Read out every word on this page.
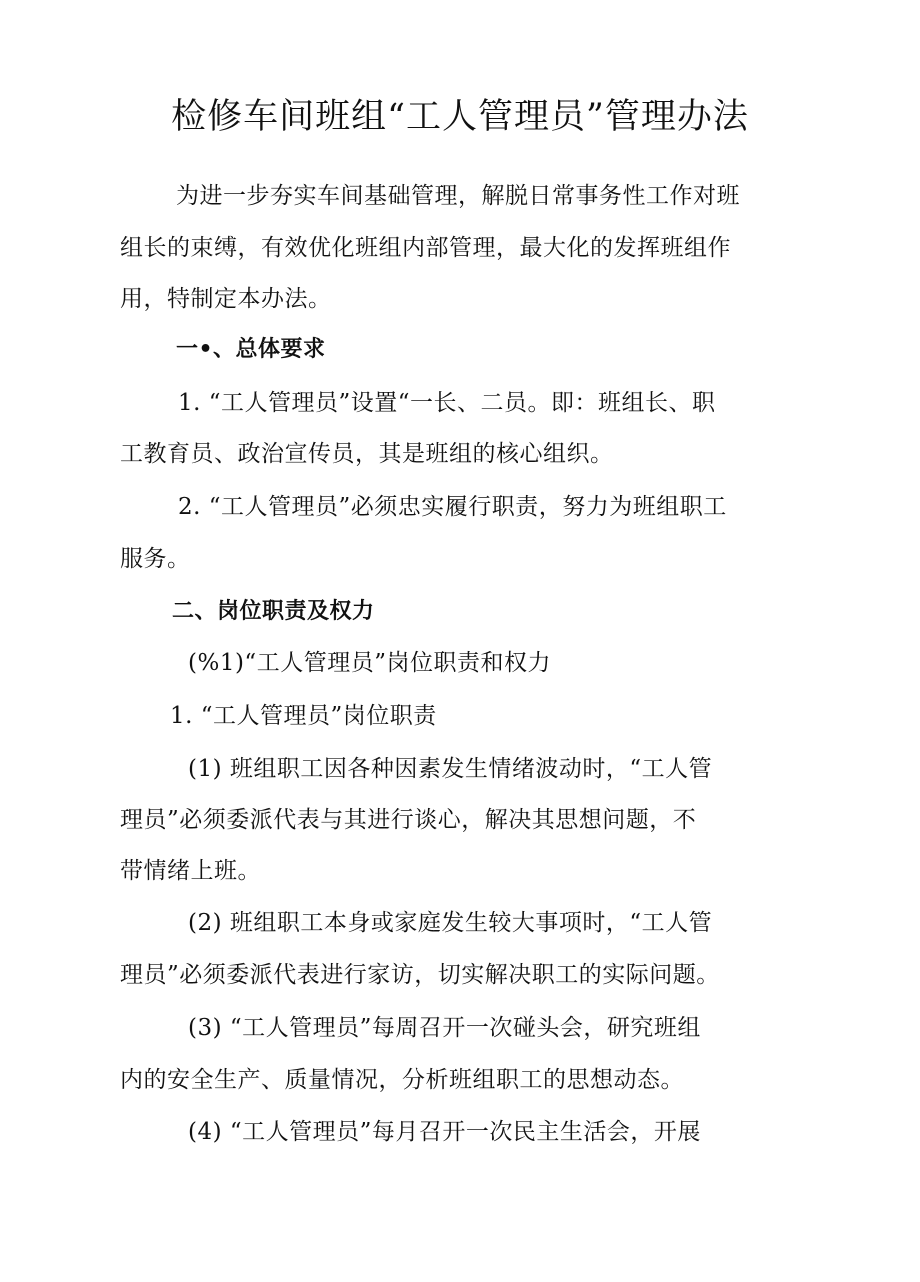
检修车间班组“工人管理员”管理办法
为进一步夯实车间基础管理，解脱日常事务性工作对班
组长的束缚，有效优化班组内部管理，最大化的发挥班组作
用，特制定本办法。
一•、总体要求
1. “工人管理员”设置“一长、二员。即：班组长、职
工教育员、政治宣传员，其是班组的核心组织。
2. “工人管理员”必须忠实履行职责，努力为班组职工
服务。
二、岗位职责及权力
(%1)“工人管理员”岗位职责和权力
1. “工人管理员”岗位职责
(1) 班组职工因各种因素发生情绪波动时，“工人管
理员”必须委派代表与其进行谈心，解决其思想问题，不
带情绪上班。
(2) 班组职工本身或家庭发生较大事项时，“工人管
理员”必须委派代表进行家访，切实解决职工的实际问题。
(3) “工人管理员”每周召开一次碰头会，研究班组
内的安全生产、质量情况，分析班组职工的思想动态。
(4) “工人管理员”每月召开一次民主生活会，开展
